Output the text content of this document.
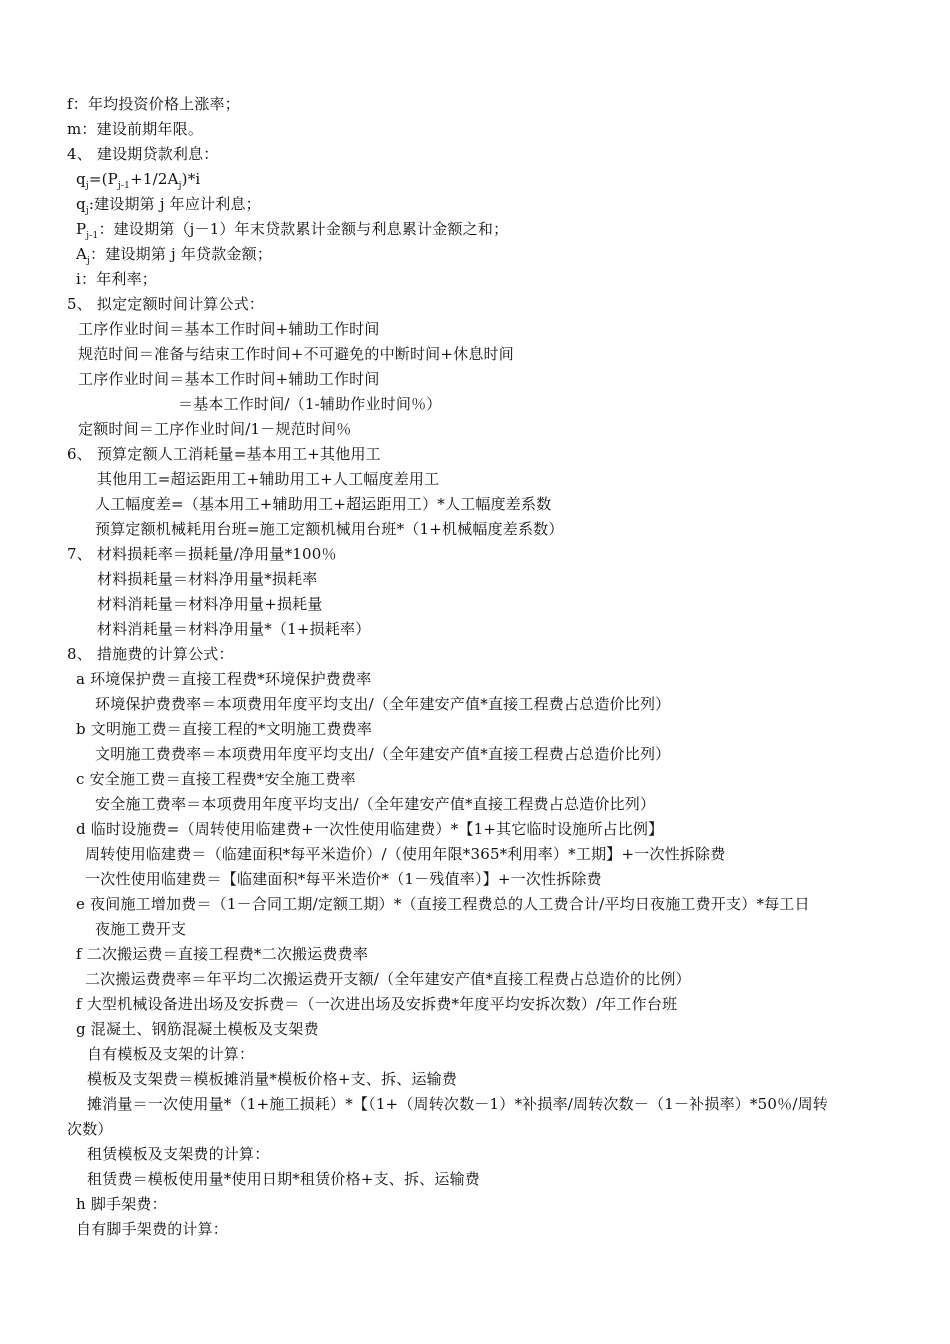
f：年均投资价格上涨率；
m：建设前期年限。
4、 建设期贷款利息：
$q_j=(P_{j-1}+1/2A_j)*i$
$q_j$:建设期第 j 年应计利息；
$P_{j-1}$：建设期第（j－1）年末贷款累计金额与利息累计金额之和；
$A_j$：建设期第 j 年贷款金额；
i：年利率；
5、 拟定定额时间计算公式：
工序作业时间＝基本工作时间+辅助工作时间
规范时间＝准备与结束工作时间+不可避免的中断时间+休息时间
工序作业时间＝基本工作时间+辅助工作时间
＝基本工作时间/（1-辅助作业时间％）
定额时间＝工序作业时间/1－规范时间％
6、 预算定额人工消耗量=基本用工+其他用工
其他用工=超运距用工+辅助用工+人工幅度差用工
人工幅度差=（基本用工+辅助用工+超运距用工）*人工幅度差系数
预算定额机械耗用台班=施工定额机械用台班*（1+机械幅度差系数）
7、 材料损耗率＝损耗量/净用量*100％
材料损耗量＝材料净用量*损耗率
材料消耗量＝材料净用量+损耗量
材料消耗量＝材料净用量*（1+损耗率）
8、 措施费的计算公式：
a 环境保护费＝直接工程费*环境保护费费率
环境保护费费率＝本项费用年度平均支出/（全年建安产值*直接工程费占总造价比列）
b 文明施工费＝直接工程的*文明施工费费率
文明施工费费率＝本项费用年度平均支出/（全年建安产值*直接工程费占总造价比列）
c 安全施工费＝直接工程费*安全施工费率
安全施工费率＝本项费用年度平均支出/（全年建安产值*直接工程费占总造价比列）
d 临时设施费=（周转使用临建费+一次性使用临建费）*【1+其它临时设施所占比例】
周转使用临建费＝（临建面积*每平米造价）/（使用年限*365*利用率）*工期】+一次性拆除费
一次性使用临建费＝【临建面积*每平米造价*（1－残值率）】+一次性拆除费
e 夜间施工增加费＝（1－合同工期/定额工期）*（直接工程费总的人工费合计/平均日夜施工费开支）*每工日
夜施工费开支
f 二次搬运费＝直接工程费*二次搬运费费率
二次搬运费费率＝年平均二次搬运费开支额/（全年建安产值*直接工程费占总造价的比例）
f 大型机械设备进出场及安拆费＝（一次进出场及安拆费*年度平均安拆次数）/年工作台班
g 混凝土、钢筋混凝土模板及支架费
自有模板及支架的计算：
模板及支架费＝模板摊消量*模板价格+支、拆、运输费
摊消量＝一次使用量*（1+施工损耗）*【（1+（周转次数－1）*补损率/周转次数－（1－补损率）*50％/周转
次数）
租赁模板及支架费的计算：
租赁费＝模板使用量*使用日期*租赁价格+支、拆、运输费
h 脚手架费：
自有脚手架费的计算：
